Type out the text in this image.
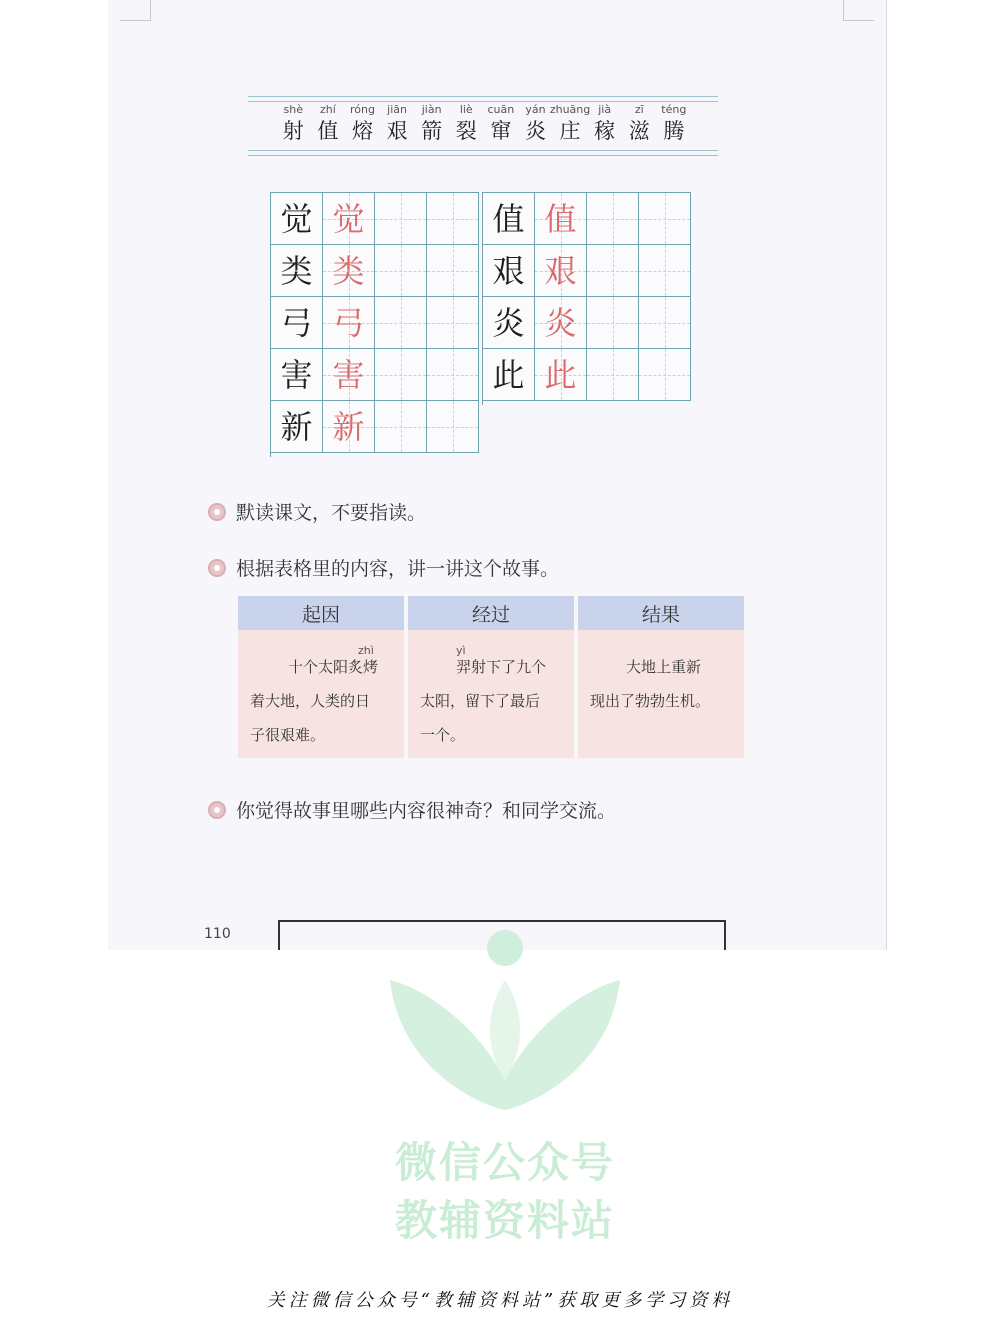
shè
射
zhí
值
róng
熔
jiān
艰
jiàn
箭
liè
裂
cuān
窜
yán
炎
zhuāng
庄
jià
稼
zī
滋
téng
腾
觉 觉
类 类
弓 弓
害 害
新 新
值 值
艰 艰
炎 炎
此 此
默读课文，不要指读。
根据表格里的内容，讲一讲这个故事。
起因
zhì

十个太阳炙烤

着大地，人类的日

子很艰难。

经过
yì

羿射下了九个

太阳，留下了最后

一个。

结果

大地上重新

现出了勃勃生机。

你觉得故事里哪些内容很神奇？和同学交流。
110
微信公众号
教辅资料站
关注微信公众号“教辅资料站”获取更多学习资料
